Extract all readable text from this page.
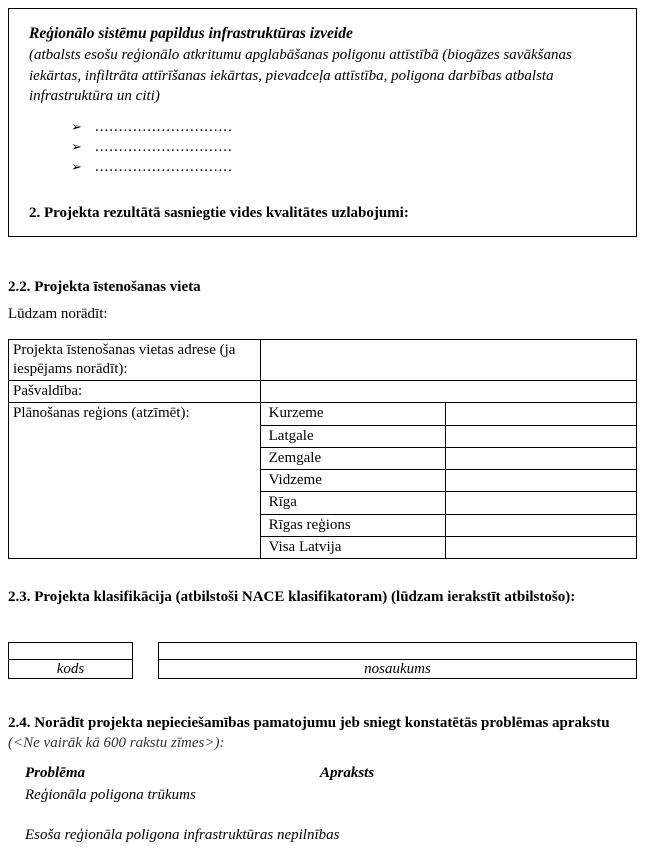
Reģionālo sistēmu papildus infrastruktūras izveide
(atbalsts esošu reģionālo atkritumu apglabāšanas poligonu attīstībā (biogāzes savākšanas iekārtas, infiltrāta attīrīšanas iekārtas, pievadceļa attīstība, poligona darbības atbalsta infrastruktūra un citi)
➢ .............................
➢ .............................
➢ .............................
2. Projekta rezultātā sasniegtie vides kvalitātes uzlabojumi:
2.2. Projekta īstenošanas vieta
Lūdzam norādīt:
Projekta īstenošanas vietas adrese (ja iespējams norādīt):		
Pašvaldība:		
Plānošanas reģions (atzīmēt):	Kurzeme	
	Latgale	
	Zemgale	
	Vidzeme	
	Rīga	
	Rīgas reģions	
	Visa Latvija	
2.3. Projekta klasifikācija (atbilstoši NACE klasifikatoram) (lūdzam ierakstīt atbilstošo):

kods	nosaukums
2.4. Norādīt projekta nepieciešamības pamatojumu jeb sniegt konstatētās problēmas aprakstu (<Ne vairāk kā 600 rakstu zīmes>):
Problēma	Apraksts
Reģionāla poligona trūkums
Esoša reģionāla poligona infrastruktūras nepilnības
